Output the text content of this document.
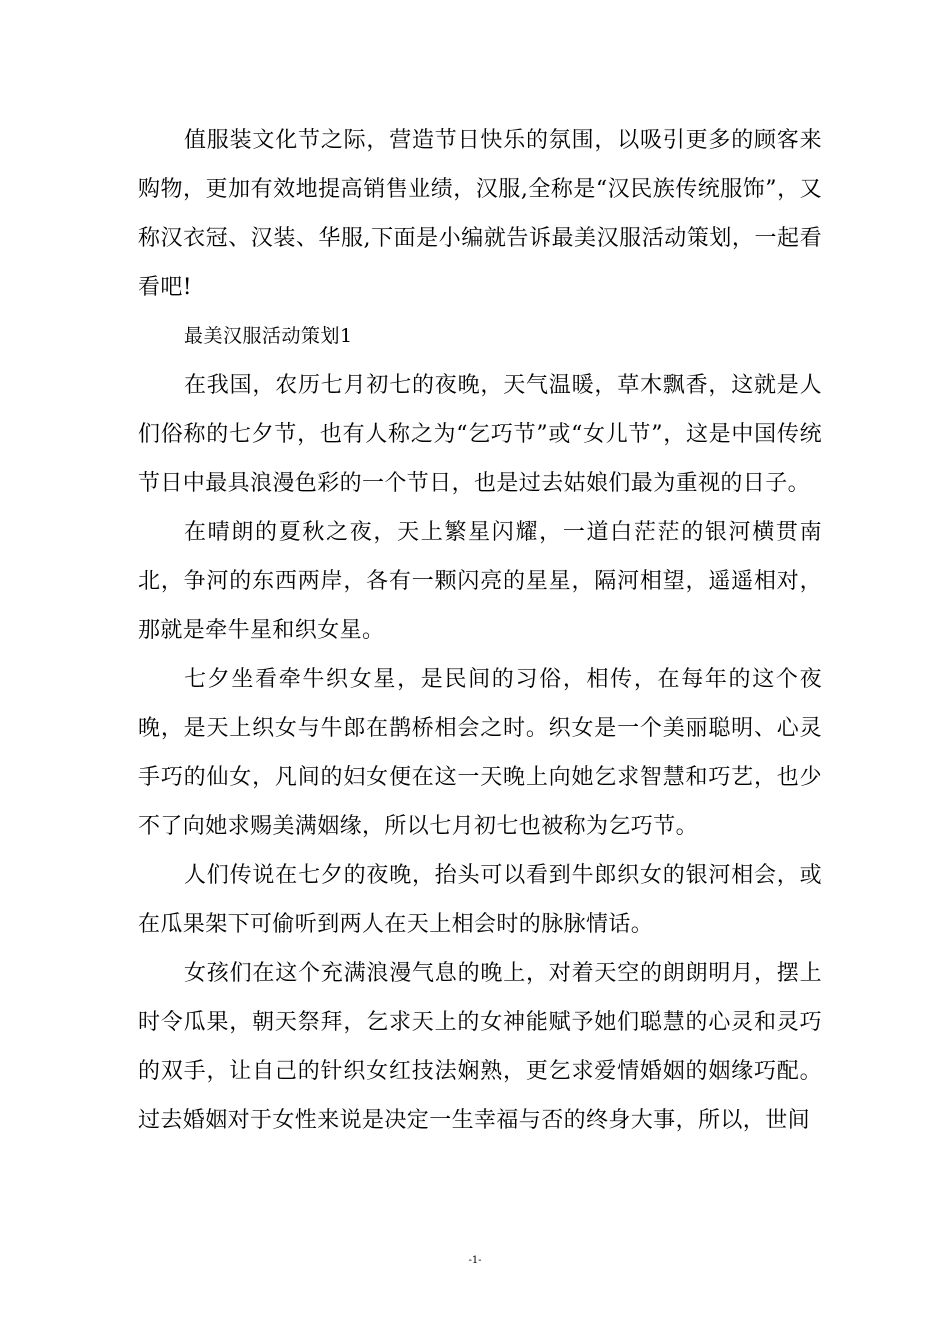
值服装文化节之际，营造节日快乐的氛围，以吸引更多的顾客来购物，更加有效地提高销售业绩，汉服,全称是“汉民族传统服饰”，又称汉衣冠、汉装、华服,下面是小编就告诉最美汉服活动策划，一起看看吧!

最美汉服活动策划1

在我国，农历七月初七的夜晚，天气温暖，草木飘香，这就是人们俗称的七夕节，也有人称之为“乞巧节”或“女儿节”，这是中国传统节日中最具浪漫色彩的一个节日，也是过去姑娘们最为重视的日子。

在晴朗的夏秋之夜，天上繁星闪耀，一道白茫茫的银河横贯南北，争河的东西两岸，各有一颗闪亮的星星，隔河相望，遥遥相对，那就是牵牛星和织女星。

七夕坐看牵牛织女星，是民间的习俗，相传，在每年的这个夜晚，是天上织女与牛郎在鹊桥相会之时。织女是一个美丽聪明、心灵手巧的仙女，凡间的妇女便在这一天晚上向她乞求智慧和巧艺，也少不了向她求赐美满姻缘，所以七月初七也被称为乞巧节。

人们传说在七夕的夜晚，抬头可以看到牛郎织女的银河相会，或在瓜果架下可偷听到两人在天上相会时的脉脉情话。

女孩们在这个充满浪漫气息的晚上，对着天空的朗朗明月，摆上时令瓜果，朝天祭拜，乞求天上的女神能赋予她们聪慧的心灵和灵巧的双手，让自己的针织女红技法娴熟，更乞求爱情婚姻的姻缘巧配。过去婚姻对于女性来说是决定一生幸福与否的终身大事，所以，世间

-1-
